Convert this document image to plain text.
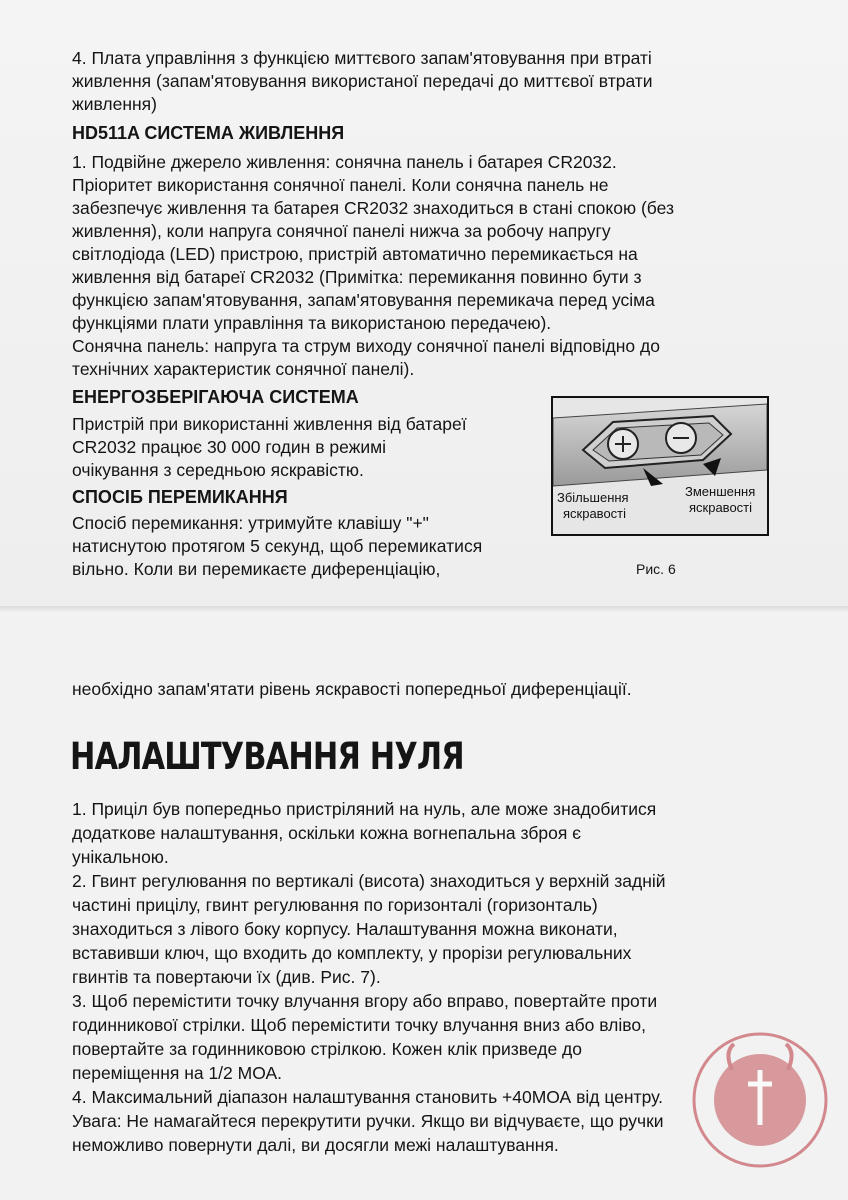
4. Плата управління з функцією миттєвого запам'ятовування при втраті
живлення (запам'ятовування використаної передачі до миттєвої втрати
живлення)
HD511A СИСТЕМА ЖИВЛЕННЯ
1. Подвійне джерело живлення: сонячна панель і батарея CR2032.
Пріоритет використання сонячної панелі. Коли сонячна панель не
забезпечує живлення та батарея CR2032 знаходиться в стані спокою (без
живлення), коли напруга сонячної панелі нижча за робочу напругу
світлодіода (LED) пристрою, пристрій автоматично перемикається на
живлення від батареї CR2032 (Примітка: перемикання повинно бути з
функцією запам'ятовування, запам'ятовування перемикача перед усіма
функціями плати управління та використаною передачею).
Сонячна панель: напруга та струм виходу сонячної панелі відповідно до
технічних характеристик сонячної панелі).
ЕНЕРГОЗБЕРІГАЮЧА СИСТЕМА
Пристрій при використанні живлення від батареї
CR2032 працює 30 000 годин в режимі
очікування з середньою яскравістю.
СПОСІБ ПЕРЕМИКАННЯ
Спосіб перемикання: утримуйте клавішу "+"
натиснутою протягом 5 секунд, щоб перемикатися
вільно. Коли ви перемикаєте диференціацію,
Збільшення
яскравості
Зменшення
яскравості
Рис. 6
необхідно запам'ятати рівень яскравості попередньої диференціації.
НАЛАШТУВАННЯ НУЛЯ
1. Приціл був попередньо пристріляний на нуль, але може знадобитися
додаткове налаштування, оскільки кожна вогнепальна зброя є
унікальною.
2. Гвинт регулювання по вертикалі (висота) знаходиться у верхній задній
частині прицілу, гвинт регулювання по горизонталі (горизонталь)
знаходиться з лівого боку корпусу. Налаштування можна виконати,
вставивши ключ, що входить до комплекту, у прорізи регулювальних
гвинтів та повертаючи їх (див. Рис. 7).
3. Щоб перемістити точку влучання вгору або вправо, повертайте проти
годинникової стрілки. Щоб перемістити точку влучання вниз або вліво,
повертайте за годинниковою стрілкою. Кожен клік призведе до
переміщення на 1/2 МОА.
4. Максимальний діапазон налаштування становить +40МОА від центру.
Увага: Не намагайтеся перекрутити ручки. Якщо ви відчуваєте, що ручки
неможливо повернути далі, ви досягли межі налаштування.
